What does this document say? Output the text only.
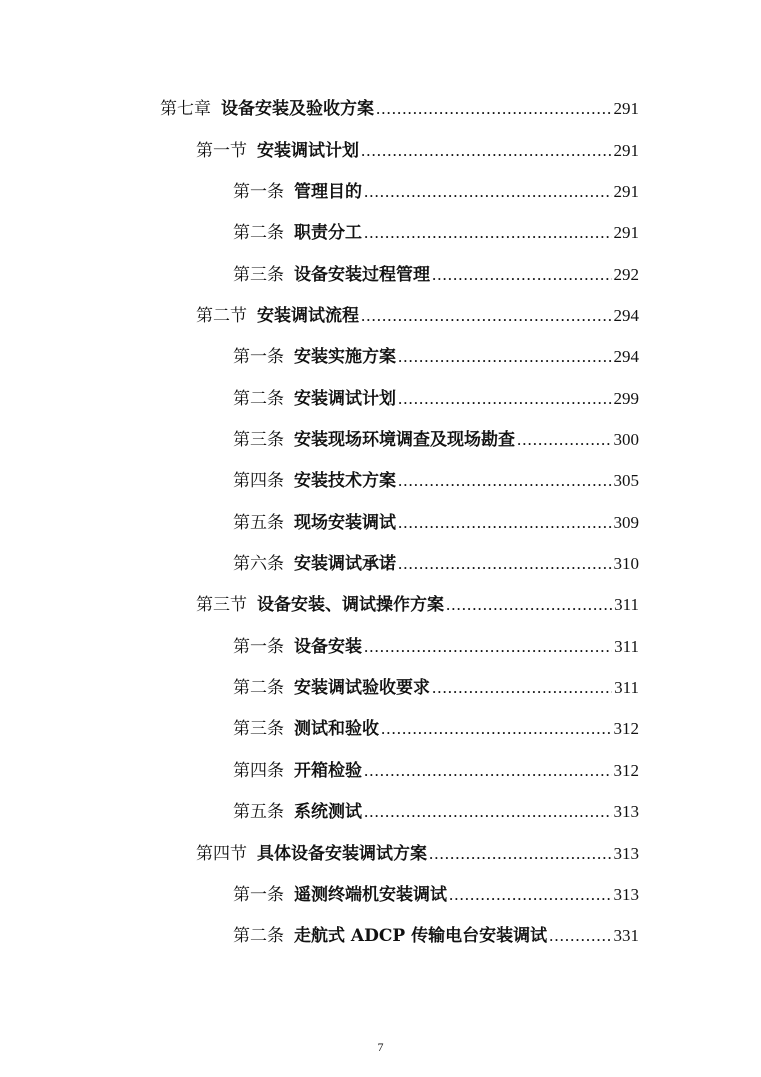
第七章 设备安装及验收方案 .....	291
第一节 安装调试计划 .....	291
第一条 管理目的 .....	291
第二条 职责分工 .....	291
第三条 设备安装过程管理 .....	292
第二节 安装调试流程 .....	294
第一条 安装实施方案 .....	294
第二条 安装调试计划 .....	299
第三条 安装现场环境调查及现场勘查 .....	300
第四条 安装技术方案 .....	305
第五条 现场安装调试 .....	309
第六条 安装调试承诺 .....	310
第三节 设备安装、调试操作方案 .....	311
第一条 设备安装 .....	311
第二条 安装调试验收要求 .....	311
第三条 测试和验收 .....	312
第四条 开箱检验 .....	312
第五条 系统测试 .....	313
第四节 具体设备安装调试方案 .....	313
第一条 遥测终端机安装调试 .....	313
第二条 走航式 ADCP 传输电台安装调试 .....	331
7
